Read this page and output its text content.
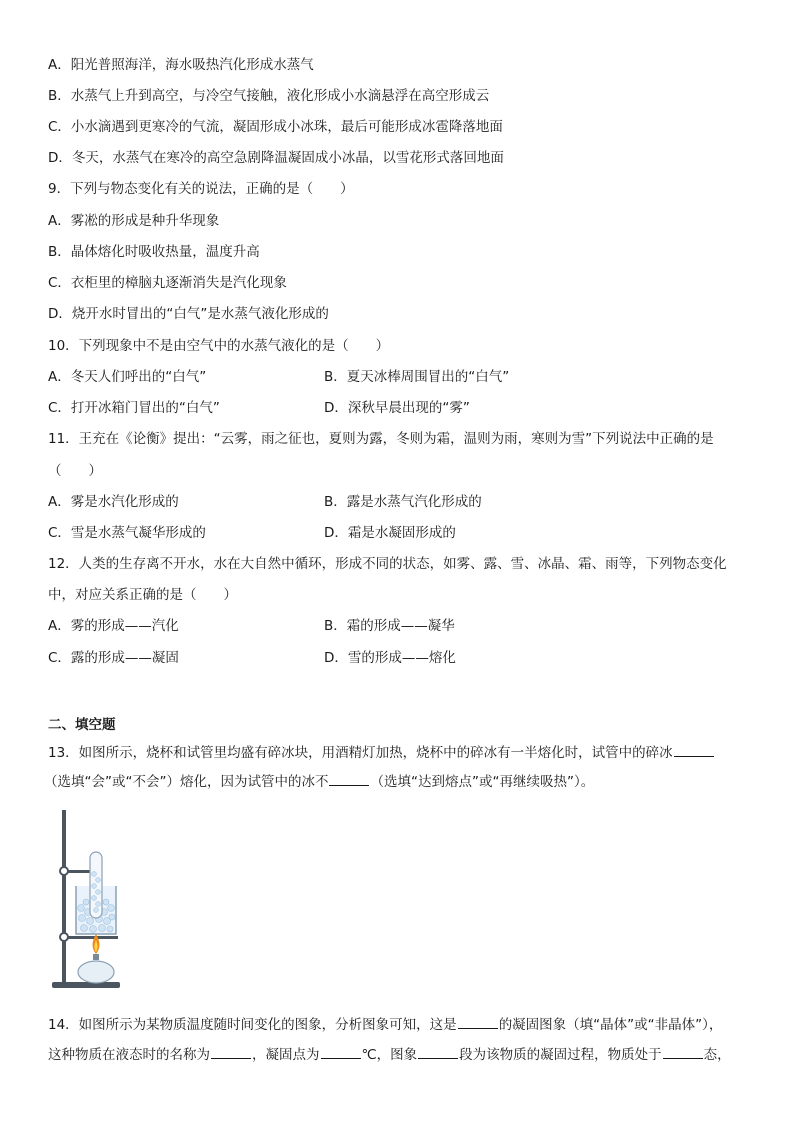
A．阳光普照海洋，海水吸热汽化形成水蒸气
B．水蒸气上升到高空，与冷空气接触，液化形成小水滴悬浮在高空形成云
C．小水滴遇到更寒冷的气流，凝固形成小冰珠，最后可能形成冰雹降落地面
D．冬天，水蒸气在寒冷的高空急剧降温凝固成小冰晶，以雪花形式落回地面
9．下列与物态变化有关的说法，正确的是（　　）
A．雾凇的形成是种升华现象
B．晶体熔化时吸收热量，温度升高
C．衣柜里的樟脑丸逐渐消失是汽化现象
D．烧开水时冒出的“白气”是水蒸气液化形成的
10．下列现象中不是由空气中的水蒸气液化的是（　　）
A．冬天人们呼出的“白气”	B．夏天冰棒周围冒出的“白气”
C．打开冰箱门冒出的“白气”	D．深秋早晨出现的“雾”
11．王充在《论衡》提出：“云雾，雨之征也，夏则为露，冬则为霜，温则为雨，寒则为雪”下列说法中正确的是
（　　）
A．雾是水汽化形成的	B．露是水蒸气汽化形成的
C．雪是水蒸气凝华形成的	D．霜是水凝固形成的
12．人类的生存离不开水，水在大自然中循环，形成不同的状态，如雾、露、雪、冰晶、霜、雨等，下列物态变化
中，对应关系正确的是（　　）
A．雾的形成——汽化	B．霜的形成——凝华
C．露的形成——凝固	D．雪的形成——熔化
二、填空题
13．如图所示，烧杯和试管里均盛有碎冰块，用酒精灯加热，烧杯中的碎冰有一半熔化时，试管中的碎冰
（选填“会”或“不会”）熔化，因为试管中的冰不	（选填“达到熔点”或“再继续吸热”）。
14．如图所示为某物质温度随时间变化的图象，分析图象可知，这是	的凝固图象（填“晶体”或“非晶体”），
这种物质在液态时的名称为	，凝固点为	℃，图象	段为该物质的凝固过程，物质处于	态，
